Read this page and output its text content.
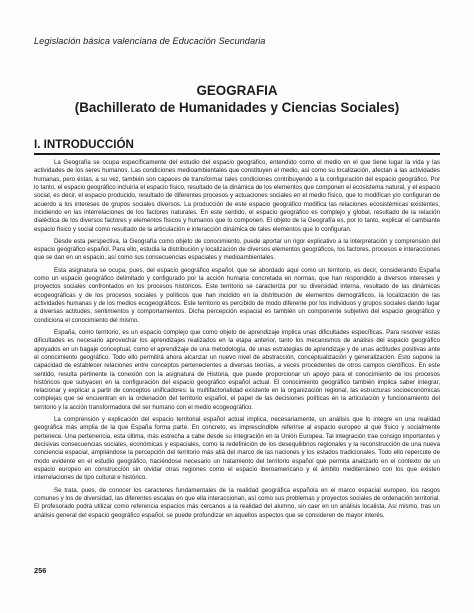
Legislación básica valenciana de Educación Secundaria
GEOGRAFIA
(Bachillerato de Humanidades y Ciencias Sociales)
I. INTRODUCCIÓN

La Geografía se ocupa específicamente del estudio del espacio geográfico, entendido como el medio en el que tiene lugar la vida y las actividades de los seres humanos. Las condiciones medioambientales que constituyen el medio, así como su localización, afectan a las actividades humanas, pero éstas, a su vez, también son capaces de transformar tales condiciones contribuyendo a la configuración del espacio geográfico. Por lo tanto, el espacio geográfico incluiría el espacio físico, resultado de la dinámica de los elementos que componen el ecosistema natural, y el espacio social, es decir, el espacio producido, resultado de diferentes procesos y actuaciones sociales en el medio físico, que lo modifican y/o configuran de acuerdo a los intereses de grupos sociales diversos. La producción de este espacio geográfico modifica las relaciones ecosistémicas existentes, incidiendo en las interrelaciones de los factores naturales. En este sentido, el espacio geográfico es complejo y global, resultado de la relación dialéctica de los diversos factores y elementos físicos y humanos que lo componen. El objeto de la Geografía es, por lo tanto, explicar el cambiante espacio físico y social como resultado de la articulación e interacción dinámica de tales elementos que lo configuran.

Desde esta perspectiva, la Geografía como objeto de conocimiento, puede aportar un rigor explicativo a la interpretación y comprensión del espacio geográfico español. Para ello, estudia la distribución y localización de diversos elementos geográficos, los factores, procesos e interacciones que se dan en un espacio, así como sus consecuencias espaciales y medioambientales.

Esta asignatura se ocupa, pues, del espacio geográfico español, que se abordado aquí como un territorio, es decir, considerando España como un espacio geográfico delimitado y configurado por la acción humana concretada en normas, que han respondido a diversos intereses y proyectos sociales confrontados en los procesos históricos. Este territorio se caracteriza por su diversidad interna, resultado de las dinámicas ecogeográficas y de los procesos sociales y políticos que han incidido en la distribución de elementos demográficos, la localización de las actividades humanas y de los medios ecogeográficos. Este territorio es percibido de modo diferente por los individuos y grupos sociales dando lugar a diversas actitudes, sentimientos y comportamientos. Dicha percepción espacial es también un componente subjetivo del espacio geográfico y condiciona el conocimiento del mismo.

España, como territorio, es un espacio complejo que como objeto de aprendizaje implica unas dificultades específicas. Para resolver estas dificultades es necesario aprovechar los aprendizajes realizados en la etapa anterior, tanto los mecanismos de análisis del espacio geográfico apoyados en un bagaje conceptual, como el aprendizaje de una metodología, de unas estrategias de aprendizaje y de unas actitudes positivas ante el conocimiento geográfico. Todo ello permitirá ahora alcanzar un nuevo nivel de abstracción, conceptualización y generalización. Esto supone la capacidad de establecer relaciones entre conceptos pertenecientes a diversas teorías, a veces procedentes de otros campos científicos. En este sentido, resulta pertinente la conexión con la asignatura de Historia, que puede proporcionar un apoyo para el conocimiento de los procesos históricos que subyacen en la configuración del espacio geográfico español actual. El conocimiento geográfico también implica saber integrar, relacionar y explicar a partir de conceptos unificadores: la multifactorialidad existente en la organización regional, las estructuras socioeconómicas complejas que se encuentran en la ordenación del territorio español, el papel de las decisiones políticas en la articulación y funcionamiento del territorio y la acción transformadora del ser humano con el medio ecogeográfico.

La comprensión y explicación del espacio territorial español actual implica, necesariamente, un análisis que lo integre en una realidad geográfica más amplia de la que España forma parte. En concreto, es imprescindible referirse al espacio europeo al que físico y socialmente pertenece. Una pertenencia, esta última, más estrecha a cabe desde su integración en la Unión Europea. Tal integración trae consigo importantes y decisivas consecuencias sociales, económicas y espaciales, como la redefinición de los desequilibrios regionales y la reconstrucción de una nueva conciencia espacial, ampliándose la percepción del territorio más allá del marco de las naciones y los estados tradicionales. Todo ello repercute de modo evidente en el estudio geográfico, haciéndose necesario un tratamiento del territorio español que permita analizarlo en el contexto de un espacio europeo en construcción sin olvidar otras regiones como el espacio iberoamericano y el ámbito mediterráneo con los que existen interrelaciones de tipo cultural e histórico.

Se trata, pues, de conocer los caracteres fundamentales de la realidad geográfica española en el marco espacial europeo, los rasgos comunes y los de diversidad, las diferentes escalas en que ella interaccionan, así como sus problemas y proyectos sociales de ordenación territorial. El profesorado podrá utilizar como referencia espacios más cercanos a la realidad del alumno, sin caer en un análisis localista. Así mismo, tras un análisis general del espacio geográfico español, se puede profundizar en aquellos aspectos que se consideren de mayor interés.

256
